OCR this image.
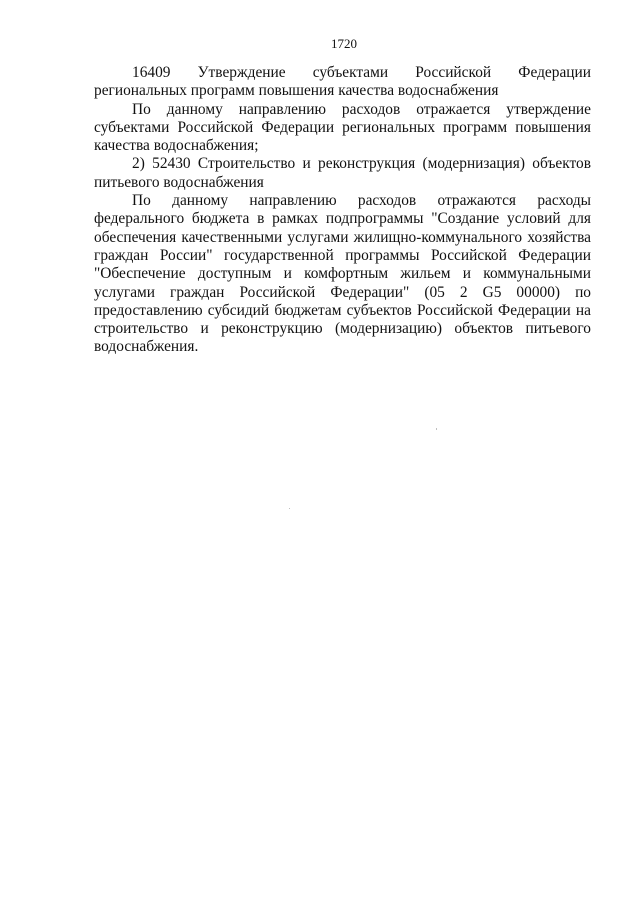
1720

16409 Утверждение субъектами Российской Федерации региональных программ повышения качества водоснабжения

По данному направлению расходов отражается утверждение субъектами Российской Федерации региональных программ повышения качества водоснабжения;

2) 52430 Строительство и реконструкция (модернизация) объектов питьевого водоснабжения

По данному направлению расходов отражаются расходы федерального бюджета в рамках подпрограммы "Создание условий для обеспечения качественными услугами жилищно-коммунального хозяйства граждан России" государственной программы Российской Федерации "Обеспечение доступным и комфортным жильем и коммунальными услугами граждан Российской Федерации" (05 2 G5 00000) по предоставлению субсидий бюджетам субъектов Российской Федерации на строительство и реконструкцию (модернизацию) объектов питьевого водоснабжения.
